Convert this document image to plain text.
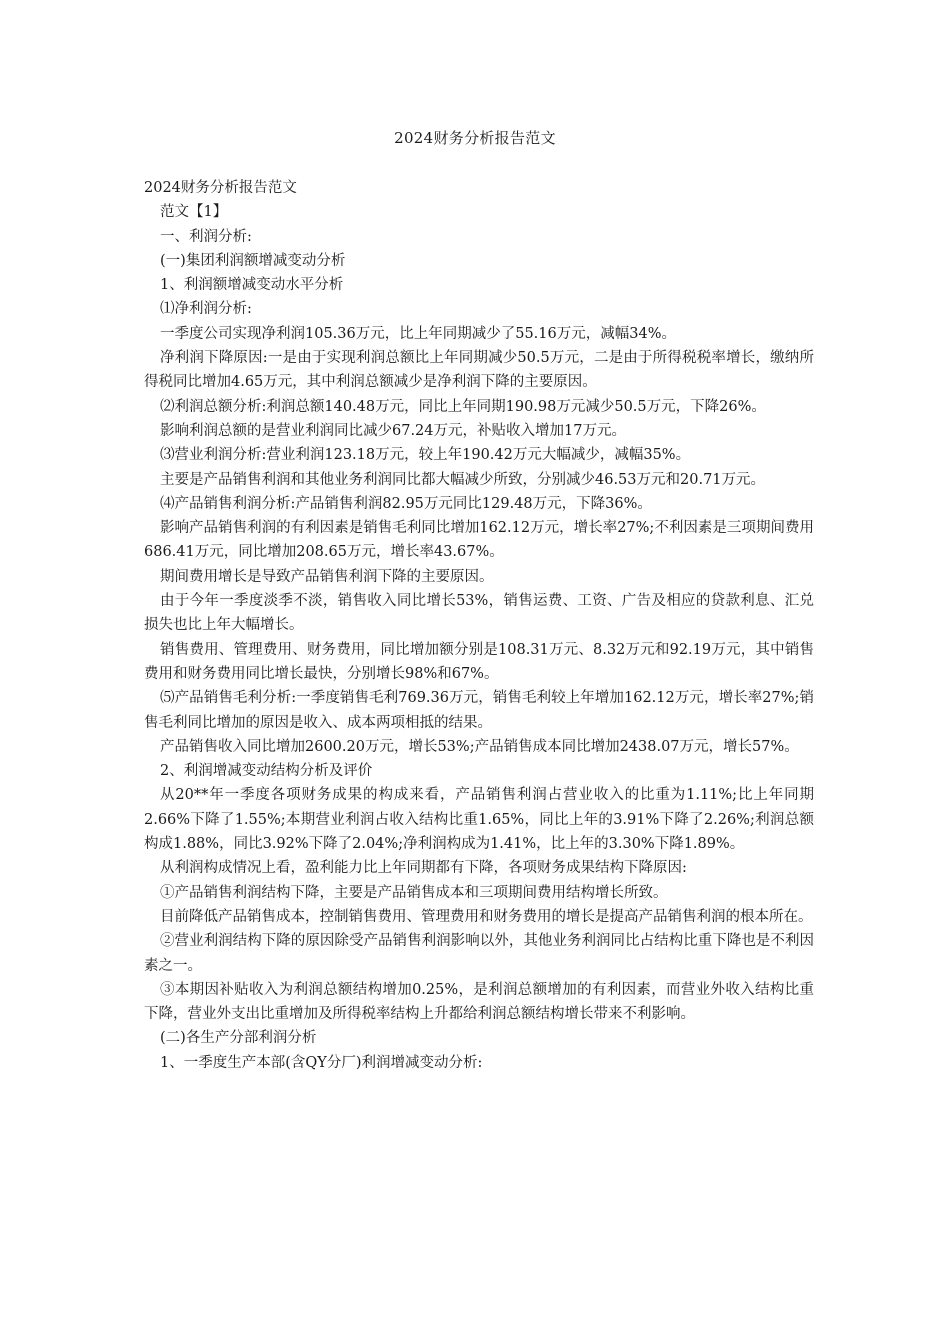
2024财务分析报告范文

2024财务分析报告范文

范文【1】

一、利润分析:

(一)集团利润额增减变动分析

1、利润额增减变动水平分析

⑴净利润分析:

一季度公司实现净利润105.36万元，比上年同期减少了55.16万元，减幅34%。

净利润下降原因:一是由于实现利润总额比上年同期减少50.5万元，二是由于所得税税率增长，缴纳所得税同比增加4.65万元，其中利润总额减少是净利润下降的主要原因。

⑵利润总额分析:利润总额140.48万元，同比上年同期190.98万元减少50.5万元，下降26%。

影响利润总额的是营业利润同比减少67.24万元，补贴收入增加17万元。

⑶营业利润分析:营业利润123.18万元，较上年190.42万元大幅减少，减幅35%。

主要是产品销售利润和其他业务利润同比都大幅减少所致，分别减少46.53万元和20.71万元。

⑷产品销售利润分析:产品销售利润82.95万元同比129.48万元，下降36%。

影响产品销售利润的有利因素是销售毛利同比增加162.12万元，增长率27%;不利因素是三项期间费用686.41万元，同比增加208.65万元，增长率43.67%。

期间费用增长是导致产品销售利润下降的主要原因。

由于今年一季度淡季不淡，销售收入同比增长53%，销售运费、工资、广告及相应的贷款利息、汇兑损失也比上年大幅增长。

销售费用、管理费用、财务费用，同比增加额分别是108.31万元、8.32万元和92.19万元，其中销售费用和财务费用同比增长最快，分别增长98%和67%。

⑸产品销售毛利分析:一季度销售毛利769.36万元，销售毛利较上年增加162.12万元，增长率27%;销售毛利同比增加的原因是收入、成本两项相抵的结果。

产品销售收入同比增加2600.20万元，增长53%;产品销售成本同比增加2438.07万元，增长57%。

2、利润增减变动结构分析及评价

从20**年一季度各项财务成果的构成来看，产品销售利润占营业收入的比重为1.11%;比上年同期2.66%下降了1.55%;本期营业利润占收入结构比重1.65%，同比上年的3.91%下降了2.26%;利润总额构成1.88%，同比3.92%下降了2.04%;净利润构成为1.41%，比上年的3.30%下降1.89%。

从利润构成情况上看，盈利能力比上年同期都有下降，各项财务成果结构下降原因:

①产品销售利润结构下降，主要是产品销售成本和三项期间费用结构增长所致。

目前降低产品销售成本，控制销售费用、管理费用和财务费用的增长是提高产品销售利润的根本所在。

②营业利润结构下降的原因除受产品销售利润影响以外，其他业务利润同比占结构比重下降也是不利因素之一。

③本期因补贴收入为利润总额结构增加0.25%，是利润总额增加的有利因素，而营业外收入结构比重下降，营业外支出比重增加及所得税率结构上升都给利润总额结构增长带来不利影响。

(二)各生产分部利润分析

1、一季度生产本部(含QY分厂)利润增减变动分析:
